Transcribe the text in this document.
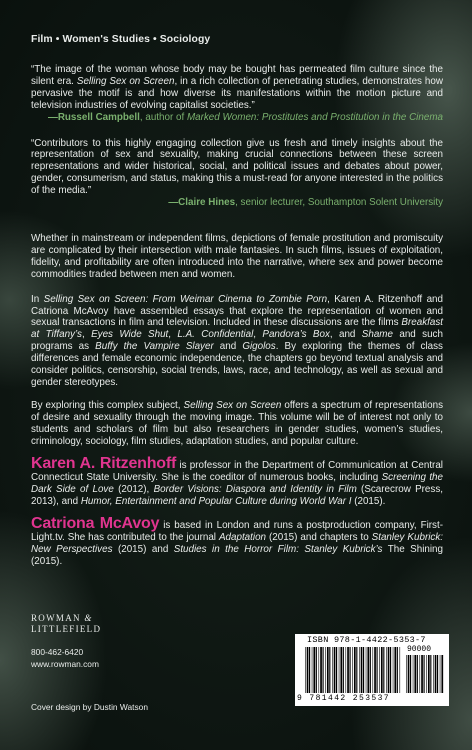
Film • Women's Studies • Sociology

“The image of the woman whose body may be bought has permeated film culture since the silent era. Selling Sex on Screen, in a rich collection of penetrating studies, demonstrates how pervasive the motif is and how diverse its manifestations within the motion picture and television industries of evolving capitalist societies.”

—Russell Campbell, author of Marked Women: Prostitutes and Prostitution in the Cinema

“Contributors to this highly engaging collection give us fresh and timely insights about the representation of sex and sexuality, making crucial connections between these screen representations and wider historical, social, and political issues and debates about power, gender, consumerism, and status, making this a must-read for anyone interested in the politics of the media.”

—Claire Hines, senior lecturer, Southampton Solent University

Whether in mainstream or independent films, depictions of female prostitution and promiscuity are complicated by their intersection with male fantasies. In such films, issues of exploitation, fidelity, and profitability are often introduced into the narrative, where sex and power become commodities traded between men and women.

In Selling Sex on Screen: From Weimar Cinema to Zombie Porn, Karen A. Ritzenhoff and Catriona McAvoy have assembled essays that explore the representation of women and sexual transactions in film and television. Included in these discussions are the films Breakfast at Tiffany’s, Eyes Wide Shut, L.A. Confidential, Pandora’s Box, and Shame and such programs as Buffy the Vampire Slayer and Gigolos. By exploring the themes of class differences and female economic independence, the chapters go beyond textual analysis and consider politics, censorship, social trends, laws, race, and technology, as well as sexual and gender stereotypes.

By exploring this complex subject, Selling Sex on Screen offers a spectrum of representations of desire and sexuality through the moving image. This volume will be of interest not only to students and scholars of film but also researchers in gender studies, women’s studies, criminology, sociology, film studies, adaptation studies, and popular culture.

Karen A. Ritzenhoff is professor in the Department of Communication at Central Connecticut State University. She is the coeditor of numerous books, including Screening the Dark Side of Love (2012), Border Visions: Diaspora and Identity in Film (Scarecrow Press, 2013), and Humor, Entertainment and Popular Culture during World War I (2015).

Catriona McAvoy is based in London and runs a postproduction company, First-Light.tv. She has contributed to the journal Adaptation (2015) and chapters to Stanley Kubrick: New Perspectives (2015) and Studies in the Horror Film: Stanley Kubrick’s The Shining (2015).

ROWMAN &
LITTLEFIELD
800-462-6420
www.rowman.com
Cover design by Dustin Watson
ISBN 978-1-4422-5353-7
90000
9 781442 253537
